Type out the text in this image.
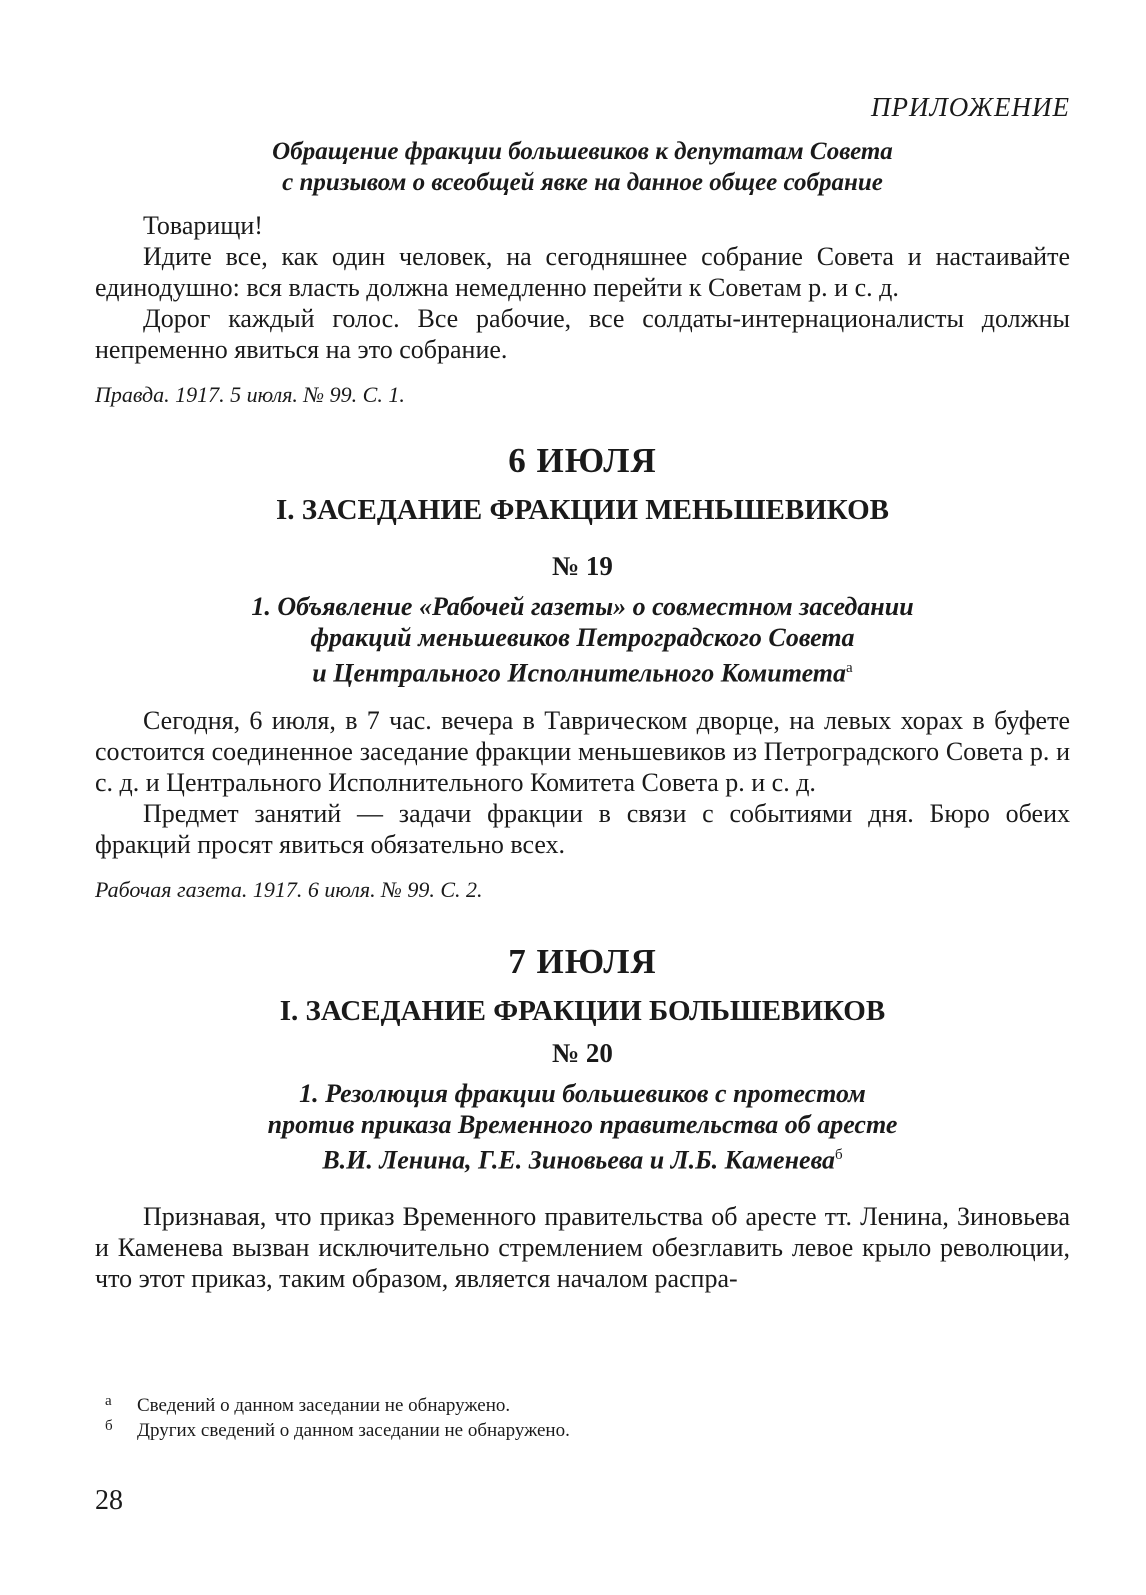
ПРИЛОЖЕНИЕ
Обращение фракции большевиков к депутатам Совета
с призывом о всеобщей явке на данное общее собрание

Товарищи!

Идите все, как один человек, на сегодняшнее собрание Совета и настаивайте единодушно: вся власть должна немедленно перейти к Советам р. и с. д.

Дорог каждый голос. Все рабочие, все солдаты-интернационалисты должны непременно явиться на это собрание.

Правда. 1917. 5 июля. № 99. С. 1.
6 ИЮЛЯ
I. ЗАСЕДАНИЕ ФРАКЦИИ МЕНЬШЕВИКОВ
№ 19
1. Объявление «Рабочей газеты» о совместном заседании
фракций меньшевиков Петроградского Совета
и Центрального Исполнительного Комитета$^а$

Сегодня, 6 июля, в 7 час. вечера в Таврическом дворце, на левых хорах в буфете состоится соединенное заседание фракции меньшевиков из Петроградского Совета р. и с. д. и Центрального Исполнительного Комитета Совета р. и с. д.

Предмет занятий — задачи фракции в связи с событиями дня. Бюро обеих фракций просят явиться обязательно всех.

Рабочая газета. 1917. 6 июля. № 99. С. 2.
7 ИЮЛЯ
I. ЗАСЕДАНИЕ ФРАКЦИИ БОЛЬШЕВИКОВ
№ 20
1. Резолюция фракции большевиков с протестом
против приказа Временного правительства об аресте
В.И. Ленина, Г.Е. Зиновьева и Л.Б. Каменева$^б$

Признавая, что приказ Временного правительства об аресте тт. Ленина, Зиновьева и Каменева вызван исключительно стремлением обезглавить левое крыло революции, что этот приказ, таким образом, является началом распра-

а	Сведений о данном заседании не обнаружено.
б	Других сведений о данном заседании не обнаружено.
28
